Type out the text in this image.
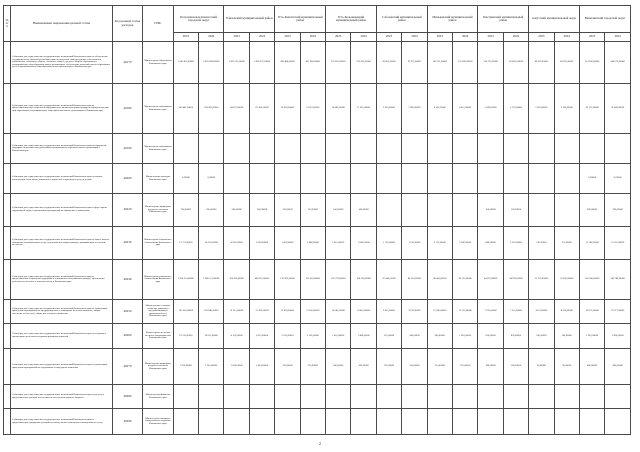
№ п/п	Наименование направления целевой статьи	Код целевой статьи расходов	ГРБС	Петропавловск-Камчатский городской округ		Елизовский муниципальный район		Усть-Камчатский муниципальный район		Усть-Большерецкий муниципальный район		Соболевский муниципальный район		Мильковский муниципальный район		Быстринский муниципальный район		Алеутский муниципальный округ		Вилючинский городской округ	
				2023	2024	2023	2024	2023	2024	2023	2024	2023	2024	2023	2024	2023	2024	2023	2024	2023	2024
	Субвенции для осуществления государственных полномочий Камчатского края по обеспечению государственных гарантий реализации прав на получение общедоступного и бесплатного дошкольного, начального общего, основного общего, среднего общего образования в муниципальных общеобразовательных организациях, обеспечению дополнительного образования детей в муниципальных общеобразовательных организациях в Камчатском крае	40170	Министерство образования Камчатского края	5 545 470,00000	5 803 438,00000	1 587 015,00000	1 690 337,00000	380 464,00000	401 008,00000	222 610,00000	235 413,00000	99 801,00000	97 675,00000	145 231,00000	152 290,00000	134 723,00000	134 035,00000	46 239,00000	48 202,00000	514 200,00000	544 576,00000
	Субвенции для осуществления государственных полномочий Камчатского края по предоставлению мер социальной поддержки отдельным категориям граждан в период получения ими образования в муниципальных общеобразовательных организациях в Камчатском крае	40180	Министерство образования Камчатского края	245 441,00000	258 422,00000	64 037,00000	67 450,00000	20 036,00000	21 021,00000	10 863,00000	11 025,00000	3 810,00000	3 992,00000	6 102,00000	6 411,00000	5 419,00000	5 720,00000	2 025,00000	2 100,00000	30 171,00000	31 842,00000
	Субвенции для осуществления государственных полномочий Камчатского края по социальной поддержке педагогических работников муниципальных образовательных организаций в Камчатском крае	40190	Министерство образования Камчатского края																		
	Субвенции для осуществления государственных полномочий Камчатского края по выплате компенсации части платы, взимаемой с родителей за присмотр и уход за детьми	40200	Министерство культуры Камчатского края	0,00000	0,00000															0,00000	0,00000
	Субвенции для осуществления государственных полномочий Камчатского края в сфере охраны окружающей среды и организации мероприятий по обращению с животными	40220	Министерство природных ресурсов и экологии Камчатского края	760,00000	760,00000	340,00000	340,00000	120,00000	120,00000	100,00000	100,00000					100,00000	100,00000			280,00000	280,00000
	Субвенции для осуществления государственных полномочий Камчатского края по оплате жилого помещения и коммунальных услуг отдельным категориям граждан, проживающих в сельской местности	40230	Министерство социального благополучия Камчатского края	13 721,00000	14 110,00000	4 025,00000	4 190,00000	1 425,00000	1 480,00000	1 012,00000	1 045,00000	1 120,00000	1 150,00000	2 112,00000	2 180,00000	980,00000	1 010,00000	210,00000	215,00000	11 742,00000	12 011,00000
	Субвенции для осуществления государственных полномочий Камчатского края по предоставлению социальной поддержки и социального обслуживания граждан, организации деятельности по опеке и попечительству в Камчатском крае	40240	Министерство социального благополучия Камчатского края	1 954 110,00000	1 960 511,00000	475 620,00000	480 210,00000	120 365,00000	125 010,00000	102 770,00000	104 220,00000	87 445,00000	88 130,00000	98 410,00000	99 215,00000	44 370,00000	44 870,00000	32 210,00000	32 610,00000	243 200,00000	245 780,00000
	Субвенции для осуществления государственных полномочий Камчатского края по организации проведения мероприятий по предупреждению и ликвидации болезней животных, защите населения от болезней, общих для человека и животных	40250	Министерство сельского хозяйства, пищевой и перерабатывающей промышленности Камчатского края	101 020,00000	103 640,00000	31 015,00000	31 415,00000	12 418,00000	12 610,00000	10 245,00000	10 410,00000	9 025,00000	9 120,00000	11 016,00000	11 215,00000	7 015,00000	7 115,00000	4 011,00000	4 050,00000	19 071,00000	19 371,00000
	Субвенции для осуществления государственных полномочий Камчатского края по созданию и организации деятельности административных комиссий	40260	Министерство по делам местного самоуправления Камчатского края	19 312,00000	20 015,00000	4 125,00000	4 310,00000	2 015,00000	2 105,00000	1 410,00000	1 480,00000	510,00000	540,00000	960,00000	1 010,00000	810,00000	850,00000	320,00000	340,00000	1 910,00000	1 990,00000
	Субвенции для осуществления государственных полномочий Камчатского края по организации проведения мероприятий по содержанию безнадзорных животных	40270	Министерство природных ресурсов и экологии Камчатского края	1 910,00000	1 910,00000	1 024,00000	1 024,00000	310,00000	310,00000	300,00000	300,00000	120,00000	120,00000	210,00000	210,00000	180,00000	180,00000	90,00000	90,00000	480,00000	480,00000
	Субвенции для осуществления государственных полномочий Камчатского края по расчету и предоставлению дотаций поселениям за счет средств краевого бюджета	40280	Министерство финансов Камчатского края																		
	Субвенции для осуществления государственных полномочий Камчатского края по предоставлению гражданам субсидий на оплату жилого помещения и коммунальных услуг	40290	Министерство жилищно-коммунального хозяйства Камчатского края																		
2
